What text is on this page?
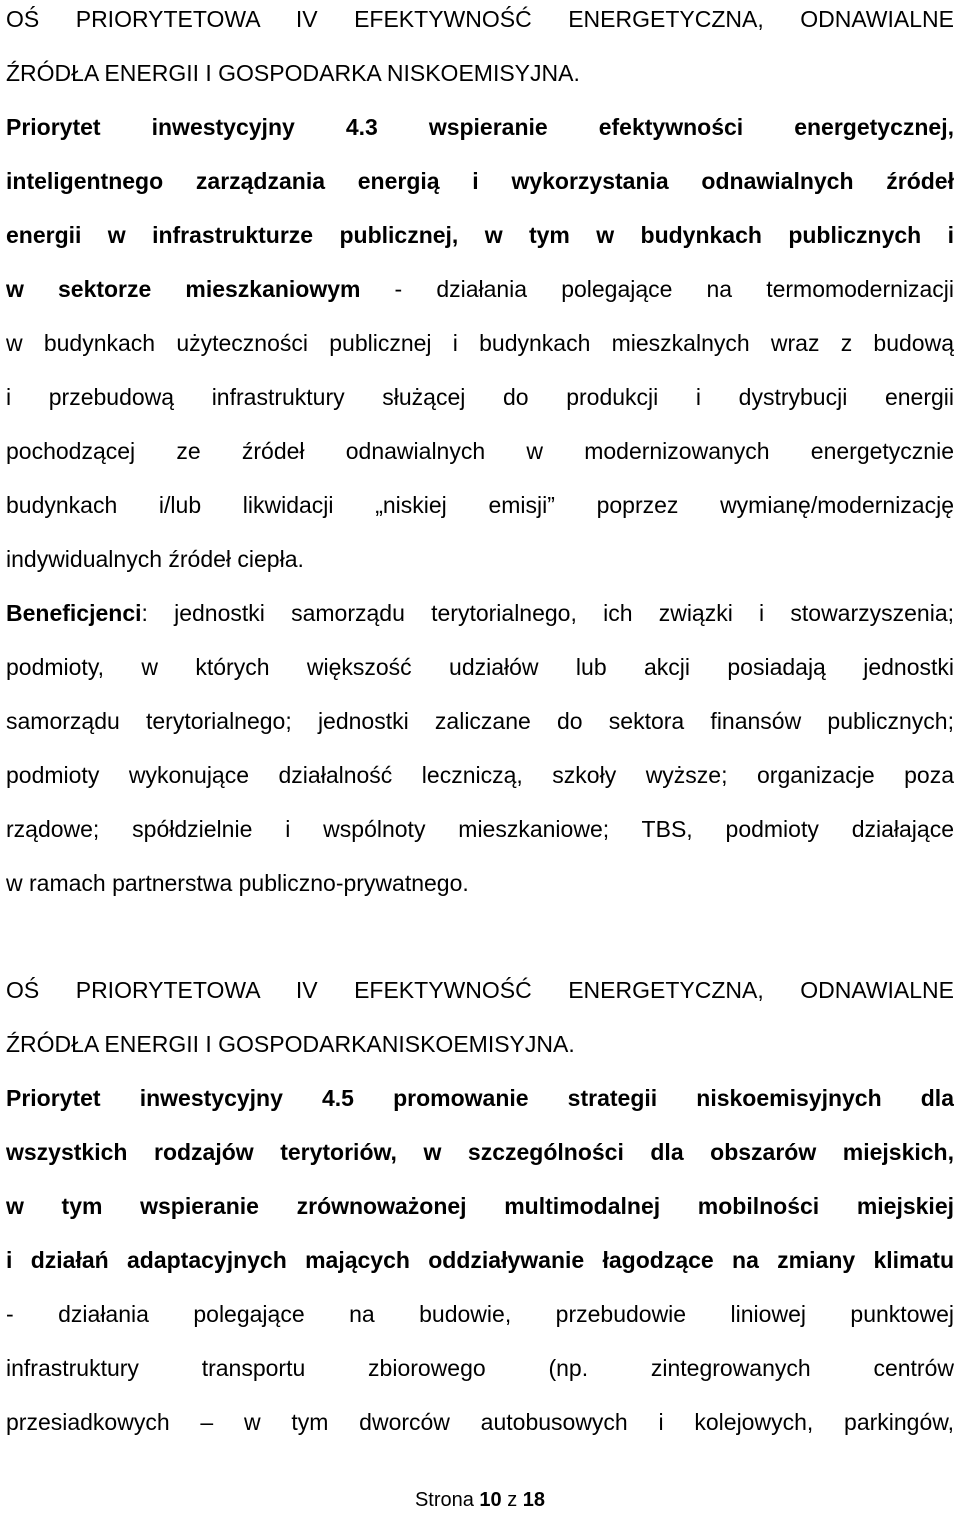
OŚ PRIORYTETOWA IV EFEKTYWNOŚĆ ENERGETYCZNA, ODNAWIALNE
ŹRÓDŁA ENERGII I GOSPODARKA NISKOEMISYJNA.
Priorytet inwestycyjny 4.3 wspieranie efektywności energetycznej,
inteligentnego zarządzania energią i wykorzystania odnawialnych źródeł
energii w infrastrukturze publicznej, w tym w budynkach publicznych i
w sektorze mieszkaniowym - działania polegające na termomodernizacji
w budynkach użyteczności publicznej i budynkach mieszkalnych wraz z budową
i przebudową infrastruktury służącej do produkcji i dystrybucji energii
pochodzącej ze źródeł odnawialnych w modernizowanych energetycznie
budynkach i/lub likwidacji „niskiej emisji” poprzez wymianę/modernizację
indywidualnych źródeł ciepła.
Beneficjenci: jednostki samorządu terytorialnego, ich związki i stowarzyszenia;
podmioty, w których większość udziałów lub akcji posiadają jednostki
samorządu terytorialnego; jednostki zaliczane do sektora finansów publicznych;
podmioty wykonujące działalność leczniczą, szkoły wyższe; organizacje poza
rządowe; spółdzielnie i wspólnoty mieszkaniowe; TBS, podmioty działające
w ramach partnerstwa publiczno-prywatnego.
OŚ PRIORYTETOWA IV EFEKTYWNOŚĆ ENERGETYCZNA, ODNAWIALNE
ŹRÓDŁA ENERGII I GOSPODARKANISKOEMISYJNA.
Priorytet inwestycyjny 4.5 promowanie strategii niskoemisyjnych dla
wszystkich rodzajów terytoriów, w szczególności dla obszarów miejskich,
w tym wspieranie zrównoważonej multimodalnej mobilności miejskiej
i działań adaptacyjnych mających oddziaływanie łagodzące na zmiany klimatu
- działania polegające na budowie, przebudowie liniowej punktowej
infrastruktury transportu zbiorowego (np. zintegrowanych centrów
przesiadkowych – w tym dworców autobusowych i kolejowych, parkingów,
Strona 10 z 18
